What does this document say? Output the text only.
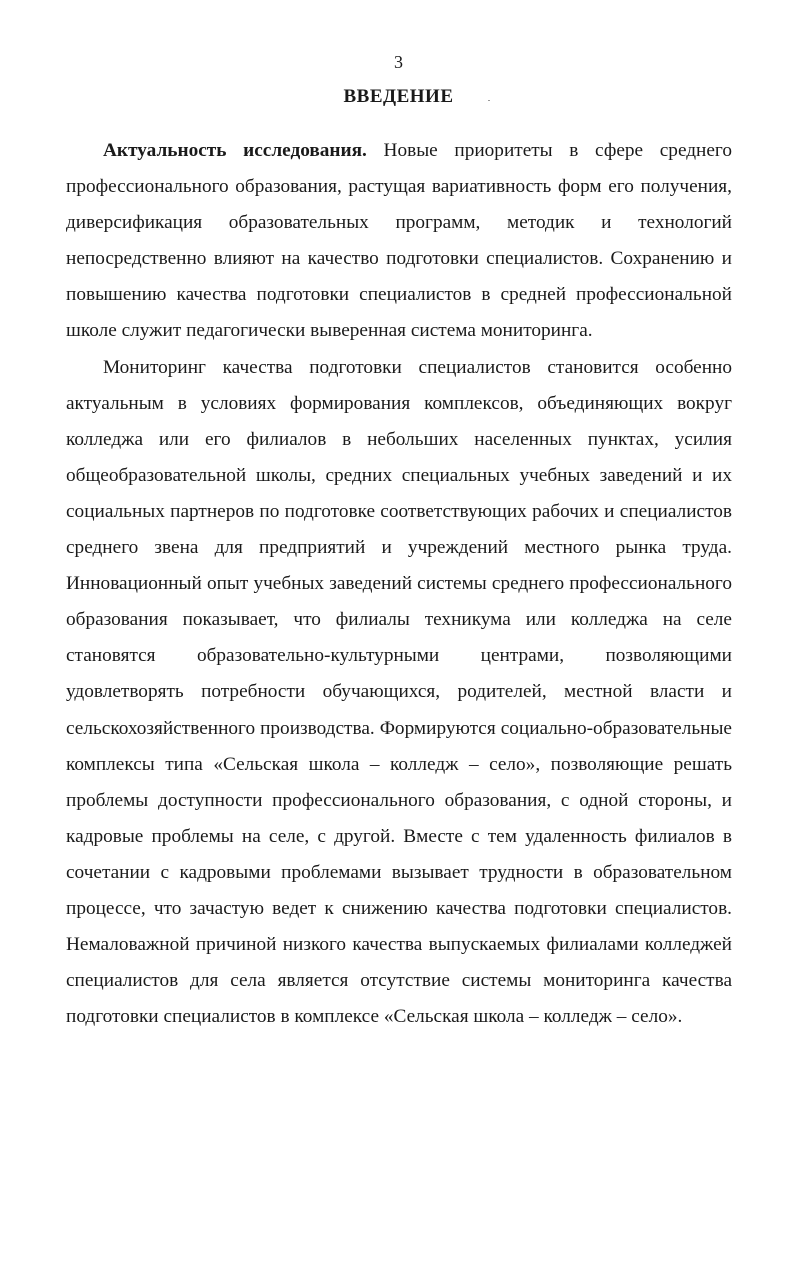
3
ВВЕДЕНИЕ

Актуальность исследования. Новые приоритеты в сфере среднего профессионального образования, растущая вариативность форм его получения, диверсификация образовательных программ, методик и технологий непосредственно влияют на качество подготовки специалистов. Сохранению и повышению качества подготовки специалистов в средней профессиональной школе служит педагогически выверенная система мониторинга.

Мониторинг качества подготовки специалистов становится особенно актуальным в условиях формирования комплексов, объединяющих вокруг колледжа или его филиалов в небольших населенных пунктах, усилия общеобразовательной школы, средних специальных учебных заведений и их социальных партнеров по подготовке соответствующих рабочих и специалистов среднего звена для предприятий и учреждений местного рынка труда. Инновационный опыт учебных заведений системы среднего профессионального образования показывает, что филиалы техникума или колледжа на селе становятся образовательно-культурными центрами, позволяющими удовлетворять потребности обучающихся, родителей, местной власти и сельскохозяйственного производства. Формируются социально-образовательные комплексы типа «Сельская школа – колледж – село», позволяющие решать проблемы доступности профессионального образования, с одной стороны, и кадровые проблемы на селе, с другой. Вместе с тем удаленность филиалов в сочетании с кадровыми проблемами вызывает трудности в образовательном процессе, что зачастую ведет к снижению качества подготовки специалистов. Немаловажной причиной низкого качества выпускаемых филиалами колледжей специалистов для села является отсутствие системы мониторинга качества подготовки специалистов в комплексе «Сельская школа – колледж – село».
